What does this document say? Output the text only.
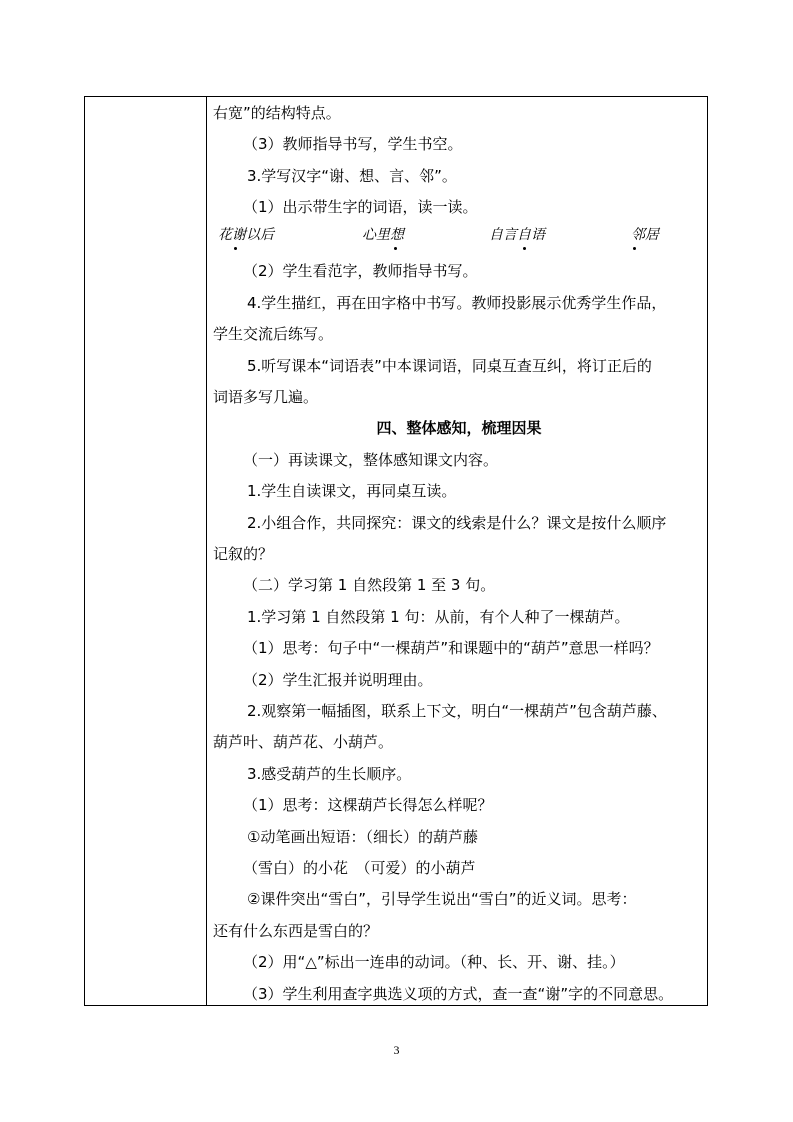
右宽”的结构特点。
（3）教师指导书写，学生书空。
3.学写汉字“谢、想、言、邻”。
（1）出示带生字的词语，读一读。
花谢以后	心里想	自言自语	邻居
（2）学生看范字，教师指导书写。
4.学生描红，再在田字格中书写。教师投影展示优秀学生作品，
学生交流后练写。
5.听写课本“词语表”中本课词语，同桌互查互纠，将订正后的
词语多写几遍。
四、整体感知，梳理因果
（一）再读课文，整体感知课文内容。
1.学生自读课文，再同桌互读。
2.小组合作，共同探究：课文的线索是什么？课文是按什么顺序
记叙的？
（二）学习第 1 自然段第 1 至 3 句。
1.学习第 1 自然段第 1 句：从前，有个人种了一棵葫芦。
（1）思考：句子中“一棵葫芦”和课题中的“葫芦”意思一样吗？
（2）学生汇报并说明理由。
2.观察第一幅插图，联系上下文，明白“一棵葫芦”包含葫芦藤、
葫芦叶、葫芦花、小葫芦。
3.感受葫芦的生长顺序。
（1）思考：这棵葫芦长得怎么样呢？
①动笔画出短语：（细长）的葫芦藤
（雪白）的小花　（可爱）的小葫芦
②课件突出“雪白”，引导学生说出“雪白”的近义词。思考：
还有什么东西是雪白的？
（2）用“△”标出一连串的动词。（种、长、开、谢、挂。）
（3）学生利用查字典选义项的方式，查一查“谢”字的不同意思。
3
